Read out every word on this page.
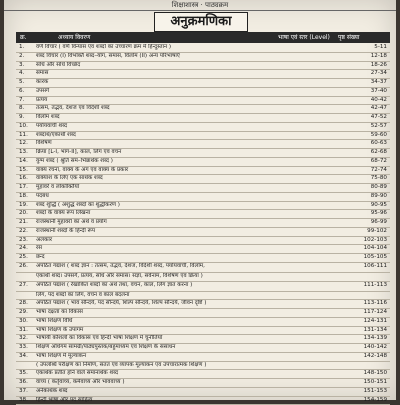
शिक्षाशास्त्र · पाठ्यक्रम
अनुक्रमणिका
क्र.	अध्याय विवरण	भाषा एवं स्तर (Level) पृष्ठ संख्या
1.	वर्ण विचार ( वर्ण विन्यास एवं शब्दों का उच्चारण क्रम में हिन्दुस्तान )	5-11
2.	शब्द विचार (I) विभक्ति शब्द–योग, समास, विलोम (II) अन्य परिभाषाएँ	12-18
3.	संधि और संधि विच्छेद	18-26
4.	समास	27-34
5.	कारक	34-37
6.	उपसर्ग	37-40
7.	प्रत्यय	40-42
8.	तत्सम, तद्भव, देशज एवं विदेशी शब्द	42-47
9.	विलोम शब्द	47-52
10.	पर्यायवाची शब्द	52-57
11.	शब्दार्थ/एकार्थी शब्द	59-60
12.	विशेषण	60-63
13.	क्रिया [L-I, भाग-II], काल, लिंग एवं वचन	62-68
14.	युग्म शब्द ( श्रुति सम–भिन्नार्थक शब्द )	68-72
15.	वाक्य रचना, वाक्य के अंग एवं वाक्य के प्रकार	72-74
16.	वाक्यांश के लिए एक सार्थक शब्द	75-80
17.	मुहावरे व लोकोक्तियाँ	80-89
18.	पदबंध	89-90
19.	शब्द शुद्धि ( अशुद्ध शब्दों का शुद्धीकरण )	90-95
20.	शब्दों के वाक्य रूप लिखना	95-96
21.	राजस्थानी मुहावरों का अर्थ व प्रयोग	96-99
22.	राजस्थानी शब्दों के हिन्दी रूप	99-102
23.	अलंकार	102-103
24.	रस	104-104
25.	छन्द	105-105
26.	अपठित गद्यांश ( शब्द ज्ञान : तत्सम, तद्भव, देशज, विदेशी शब्द, पर्यायवाची, विलोम,	106-111
एकार्थी शब्द। उपसर्ग, प्रत्यय, संधि और समास। संज्ञा, सर्वनाम, विशेषण एवं क्रिया )
27.	अपठित पद्यांश ( रेखांकित शब्दों का अर्थ तथा, वचन, काल, लिंग ज्ञात करना )	111-113
लिंग, पद शब्दों का लिंग, वचन व काल बदलना
28.	अपठित पद्यांश ( भाव सौन्दर्य, पद सौन्दर्य, शिल्प सौन्दर्य, शिल्प सौन्दर्य, जीवन दृष्टि )	113-116
29.	भाषा दक्षता का विकास	117-124
30.	भाषा शिक्षण विधि	124-131
31.	भाषा शिक्षण के उपागम	131-134
32.	भाषायी कौशलों का विकास एवं हिन्दी भाषा शिक्षण में चुनौतियाँ	134-139
33.	शिक्षण अधिगम सामग्री/पाठ्यपुस्तक/बहुमाध्यम एवं शिक्षण के संसाधन	140-142
34.	भाषा शिक्षण में मूल्यांकन	142-148
( उपलब्धि परीक्षण का निर्माण, सतत एवं व्यापक मूल्यांकन एवं उपचारात्मक शिक्षण )
35.	एकार्थक प्रतीत होने वाले समानार्थक शब्द	148-150
36.	वाच्य ( कर्तृवाच्य, कर्मवाच्य और भाववाच्य )	150-151
37.	अनेकार्थक शब्द	151-153
38.	हिन्दी भाषा और पद साहित्य	154-159
